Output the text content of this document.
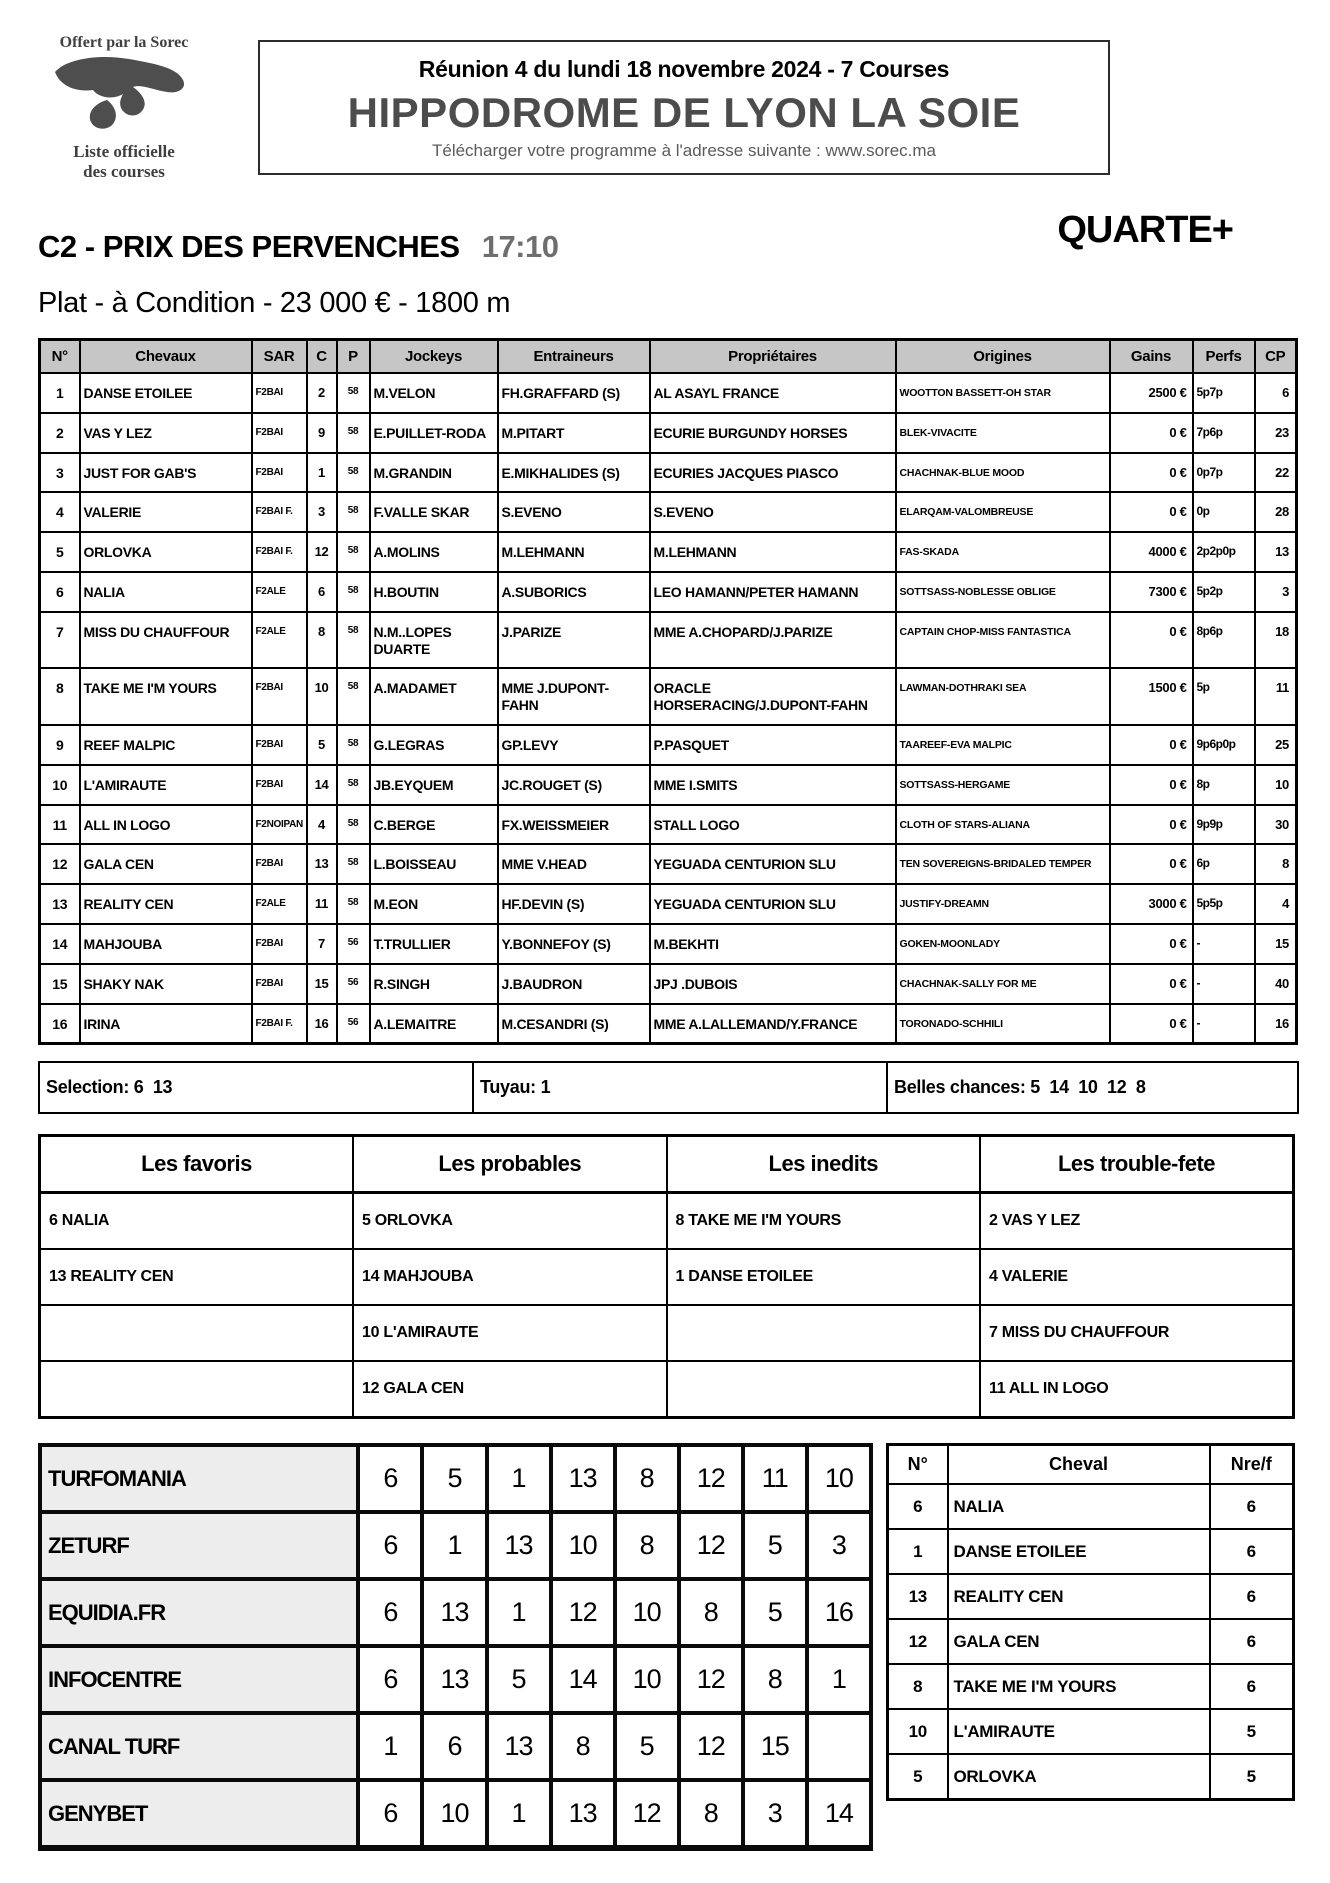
Offert par la Sorec
Liste officielle
des courses
Réunion 4 du lundi 18 novembre 2024 - 7 Courses
HIPPODROME DE LYON LA SOIE
Télécharger votre programme à l'adresse suivante : www.sorec.ma
C2 - PRIX DES PERVENCHES 17:10	QUARTE+
Plat - à Condition - 23 000 € - 1800 m
N°	Chevaux	SAR	C	P	Jockeys	Entraineurs	Propriétaires	Origines	Gains	Perfs	CP
1	DANSE ETOILEE	F2BAI	2	58	M.VELON	FH.GRAFFARD (S)	AL ASAYL FRANCE	WOOTTON BASSETT-OH STAR	2500 €	5p7p	6
2	VAS Y LEZ	F2BAI	9	58	E.PUILLET-RODA	M.PITART	ECURIE BURGUNDY HORSES	BLEK-VIVACITE	0 €	7p6p	23
3	JUST FOR GAB'S	F2BAI	1	58	M.GRANDIN	E.MIKHALIDES (S)	ECURIES JACQUES PIASCO	CHACHNAK-BLUE MOOD	0 €	0p7p	22
4	VALERIE	F2BAI F.	3	58	F.VALLE SKAR	S.EVENO	S.EVENO	ELARQAM-VALOMBREUSE	0 €	0p	28
5	ORLOVKA	F2BAI F.	12	58	A.MOLINS	M.LEHMANN	M.LEHMANN	FAS-SKADA	4000 €	2p2p0p	13
6	NALIA	F2ALE	6	58	H.BOUTIN	A.SUBORICS	LEO HAMANN/PETER HAMANN	SOTTSASS-NOBLESSE OBLIGE	7300 €	5p2p	3
7	MISS DU CHAUFFOUR	F2ALE	8	58	N.M..LOPES DUARTE	J.PARIZE	MME A.CHOPARD/J.PARIZE	CAPTAIN CHOP-MISS FANTASTICA	0 €	8p6p	18
8	TAKE ME I'M YOURS	F2BAI	10	58	A.MADAMET	MME J.DUPONT-FAHN	ORACLE HORSERACING/J.DUPONT-FAHN	LAWMAN-DOTHRAKI SEA	1500 €	5p	11
9	REEF MALPIC	F2BAI	5	58	G.LEGRAS	GP.LEVY	P.PASQUET	TAAREEF-EVA MALPIC	0 €	9p6p0p	25
10	L'AMIRAUTE	F2BAI	14	58	JB.EYQUEM	JC.ROUGET (S)	MME I.SMITS	SOTTSASS-HERGAME	0 €	8p	10
11	ALL IN LOGO	F2NOIPAN	4	58	C.BERGE	FX.WEISSMEIER	STALL LOGO	CLOTH OF STARS-ALIANA	0 €	9p9p	30
12	GALA CEN	F2BAI	13	58	L.BOISSEAU	MME V.HEAD	YEGUADA CENTURION SLU	TEN SOVEREIGNS-BRIDALED TEMPER	0 €	6p	8
13	REALITY CEN	F2ALE	11	58	M.EON	HF.DEVIN (S)	YEGUADA CENTURION SLU	JUSTIFY-DREAMN	3000 €	5p5p	4
14	MAHJOUBA	F2BAI	7	56	T.TRULLIER	Y.BONNEFOY (S)	M.BEKHTI	GOKEN-MOONLADY	0 €	-	15
15	SHAKY NAK	F2BAI	15	56	R.SINGH	J.BAUDRON	JPJ .DUBOIS	CHACHNAK-SALLY FOR ME	0 €	-	40
16	IRINA	F2BAI F.	16	56	A.LEMAITRE	M.CESANDRI (S)	MME A.LALLEMAND/Y.FRANCE	TORONADO-SCHHILI	0 €	-	16
Selection: 6  13	Tuyau: 1	Belles chances: 5  14  10  12  8
Les favoris	Les probables	Les inedits	Les trouble-fete
6 NALIA	5 ORLOVKA	8 TAKE ME I'M YOURS	2 VAS Y LEZ
13 REALITY CEN	14 MAHJOUBA	1 DANSE ETOILEE	4 VALERIE
	10 L'AMIRAUTE		7 MISS DU CHAUFFOUR
	12 GALA CEN		11 ALL IN LOGO
TURFOMANIA	6	5	1	13	8	12	11	10
ZETURF	6	1	13	10	8	12	5	3
EQUIDIA.FR	6	13	1	12	10	8	5	16
INFOCENTRE	6	13	5	14	10	12	8	1
CANAL TURF	1	6	13	8	5	12	15	
GENYBET	6	10	1	13	12	8	3	14
N°	Cheval	Nre/f
6	NALIA	6
1	DANSE ETOILEE	6
13	REALITY CEN	6
12	GALA CEN	6
8	TAKE ME I'M YOURS	6
10	L'AMIRAUTE	5
5	ORLOVKA	5
